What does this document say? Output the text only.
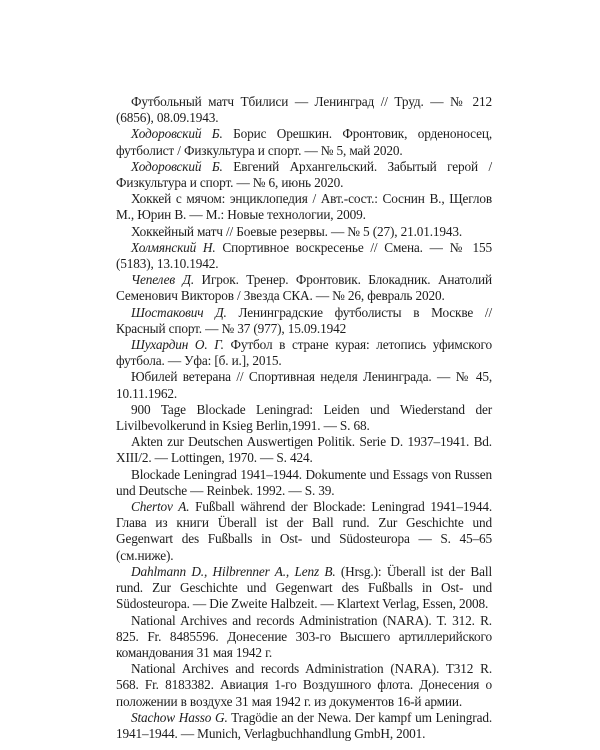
Футбольный матч Тбилиси — Ленинград // Труд. — № 212 (6856), 08.09.1943.

Ходоровский Б. Борис Орешкин. Фронтовик, орденоносец, футболист / Физкультура и спорт. — № 5, май 2020.

Ходоровский Б. Евгений Архангельский. Забытый герой / Физкультура и спорт. — № 6, июнь 2020.

Хоккей с мячом: энциклопедия / Авт.-сост.: Соснин В., Щеглов М., Юрин В. — М.: Новые технологии, 2009.

Хоккейный матч // Боевые резервы. — № 5 (27), 21.01.1943.

Холмянский Н. Спортивное воскресенье // Смена. — № 155 (5183), 13.10.1942.

Чепелев Д. Игрок. Тренер. Фронтовик. Блокадник. Анатолий Семенович Викторов / Звезда СКА. — № 26, февраль 2020.

Шостакович Д. Ленинградские футболисты в Москве // Красный спорт. — № 37 (977), 15.09.1942

Шухардин О. Г. Футбол в стране курая: летопись уфимского футбола. — Уфа: [б. и.], 2015.

Юбилей ветерана // Спортивная неделя Ленинграда. — № 45, 10.11.1962.

900 Tage Blockade Leningrad: Leiden und Wiederstand der Livilbevolkerund in Ksieg Berlin,1991. — S. 68.

Akten zur Deutschen Auswertigen Politik. Serie D. 1937–1941. Bd. XIII/2. — Lottingen, 1970. — S. 424.

Blockade Leningrad 1941–1944. Dokumente und Essags von Russen und Deutsche — Reinbek. 1992. — S. 39.

Chertov A. Fußball während der Blockade: Leningrad 1941–1944. Глава из книги Überall ist der Ball rund. Zur Geschichte und Gegenwart des Fußballs in Ost- und Südosteuropa — S. 45–65 (см.ниже).

Dahlmann D., Hilbrenner A., Lenz B. (Hrsg.): Überall ist der Ball rund. Zur Geschichte und Gegenwart des Fußballs in Ost- und Südosteuropa. — Die Zweite Halbzeit. — Klartext Verlag, Essen, 2008.

National Archives and records Administration (NARA). T. 312. R. 825. Fr. 8485596. Донесение 303-го Высшего артиллерийского командования 31 мая 1942 г.

National Archives and records Administration (NARA). T312 R. 568. Fr. 8183382. Авиация 1-го Воздушного флота. Донесения о положении в воздухе 31 мая 1942 г. из документов 16-й армии.

Stachow Hasso G. Tragödie an der Newa. Der kampf um Leningrad. 1941–1944. — Munich, Verlagbuchhandlung GmbH, 2001.
